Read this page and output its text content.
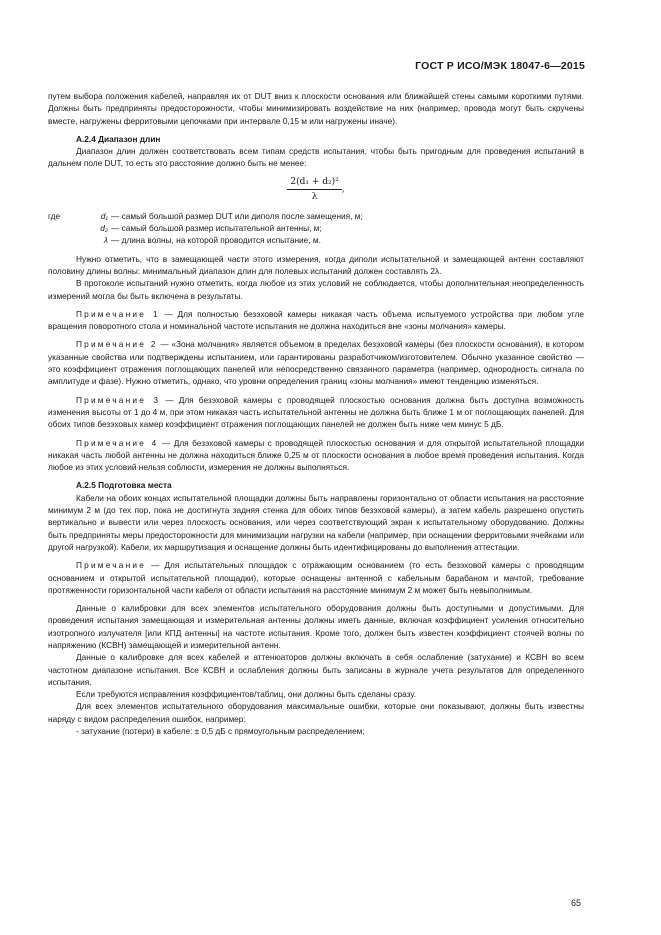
ГОСТ Р ИСО/МЭК 18047-6—2015

путем выбора положения кабелей, направляя их от DUT вниз к плоскости основания или ближайшей стены самыми короткими путями. Должны быть предприняты предосторожности, чтобы минимизировать воздействие на них (например, провода могут быть скручены вместе, нагружены ферритовыми цепочками при интервале 0,15 м или нагружены иначе).

A.2.4 Диапазон длин

Диапазон длин должен соответствовать всем типам средств испытания, чтобы быть пригодным для проведения испытаний в дальнем поле DUT, то есть это расстояние должно быть не менее:

$\frac{\text{2(d₁ + d₂)²}}{\lambda}$ ,
где	d₁ — самый большой размер DUT или диполя после замещения, м;
d₂ — самый большой размер испытательной антенны, м;
λ — длина волны, на которой проводится испытание, м.

Нужно отметить, что в замещающей части этого измерения, когда диполи испытательной и замещающей антенн составляют половину длины волны: минимальный диапазон длин для полевых испытаний должен составлять 2λ.

В протоколе испытаний нужно отметить, когда любое из этих условий не соблюдается, чтобы дополнительная неопределенность измерений могла бы быть включена в результаты.

Примечание 1 — Для полностью безэховой камеры никакая часть объема испытуемого устройства при любом угле вращения поворотного стола и номинальной частоте испытания не должна находиться вне «зоны молчания» камеры.

Примечание 2 — «Зона молчания» является объемом в пределах безэховой камеры (без плоскости основания), в котором указанные свойства или подтверждены испытанием, или гарантированы разработчиком/изготовителем. Обычно указанное свойство — это коэффициент отражения поглощающих панелей или непосредственно связанного параметра (например, однородность сигнала по амплитуде и фазе). Нужно отметить, однако, что уровни определения границ «зоны молчания» имеют тенденцию изменяться.

Примечание 3 — Для безэховой камеры с проводящей плоскостью основания должна быть доступна возможность изменения высоты от 1 до 4 м, при этом никакая часть испытательной антенны не должна быть ближе 1 м от поглощающих панелей. Для обоих типов безэховых камер коэффициент отражения поглощающих панелей не должен быть ниже чем минус 5 дБ.

Примечание 4 — Для безэховой камеры с проводящей плоскостью основания и для открытой испытательной площадки никакая часть любой антенны не должна находиться ближе 0,25 м от плоскости основания в любое время проведения испытания. Когда любое из этих условий нельзя соблюсти, измерения не должны выполняться.

A.2.5 Подготовка места

Кабели на обоих концах испытательной площадки должны быть направлены горизонтально от области испытания на расстояние минимум 2 м (до тех пор, пока не достигнута задняя стенка для обоих типов безэховой камеры), а затем кабель разрешено опустить вертикально и вывести или через плоскость основания, или через соответствующий экран к испытательному оборудованию. Должны быть предприняты меры предосторожности для минимизации нагрузки на кабели (например, при оснащении ферритовыми ячейками или другой нагрузкой). Кабели, их маршрутизация и оснащение должны быть идентифицированы до выполнения аттестации.

Примечание — Для испытательных площадок с отражающим основанием (то есть безэховой камеры с проводящим основанием и открытой испытательной площадки), которые оснащены антенной с кабельным барабаном и мачтой, требование протяженности горизонтальной части кабеля от области испытания на расстояние минимум 2 м может быть невыполнимым.

Данные о калибровки для всех элементов испытательного оборудования должны быть доступными и допустимыми. Для проведения испытания замещающая и измерительная антенны должны иметь данные, включая коэффициент усиления относительно изотропного излучателя [или КПД антенны] на частоте испытания. Кроме того, должен быть известен коэффициент стоячей волны по напряжению (КСВН) замещающей и измерительной антенн.

Данные о калибровке для всех кабелей и аттенюаторов должны включать в себя ослабление (затухание) и КСВН во всем частотном диапазоне испытания. Все КСВН и ослабления должны быть записаны в журнале учета результатов для определенного испытания.

Если требуются исправления коэффициентов/таблиц, они должны быть сделаны сразу.

Для всех элементов испытательного оборудования максимальные ошибки, которые они показывают, должны быть известны наряду с видом распределения ошибок, например:

- затухание (потери) в кабеле: ± 0,5 дБ с прямоугольным распределением;

65
